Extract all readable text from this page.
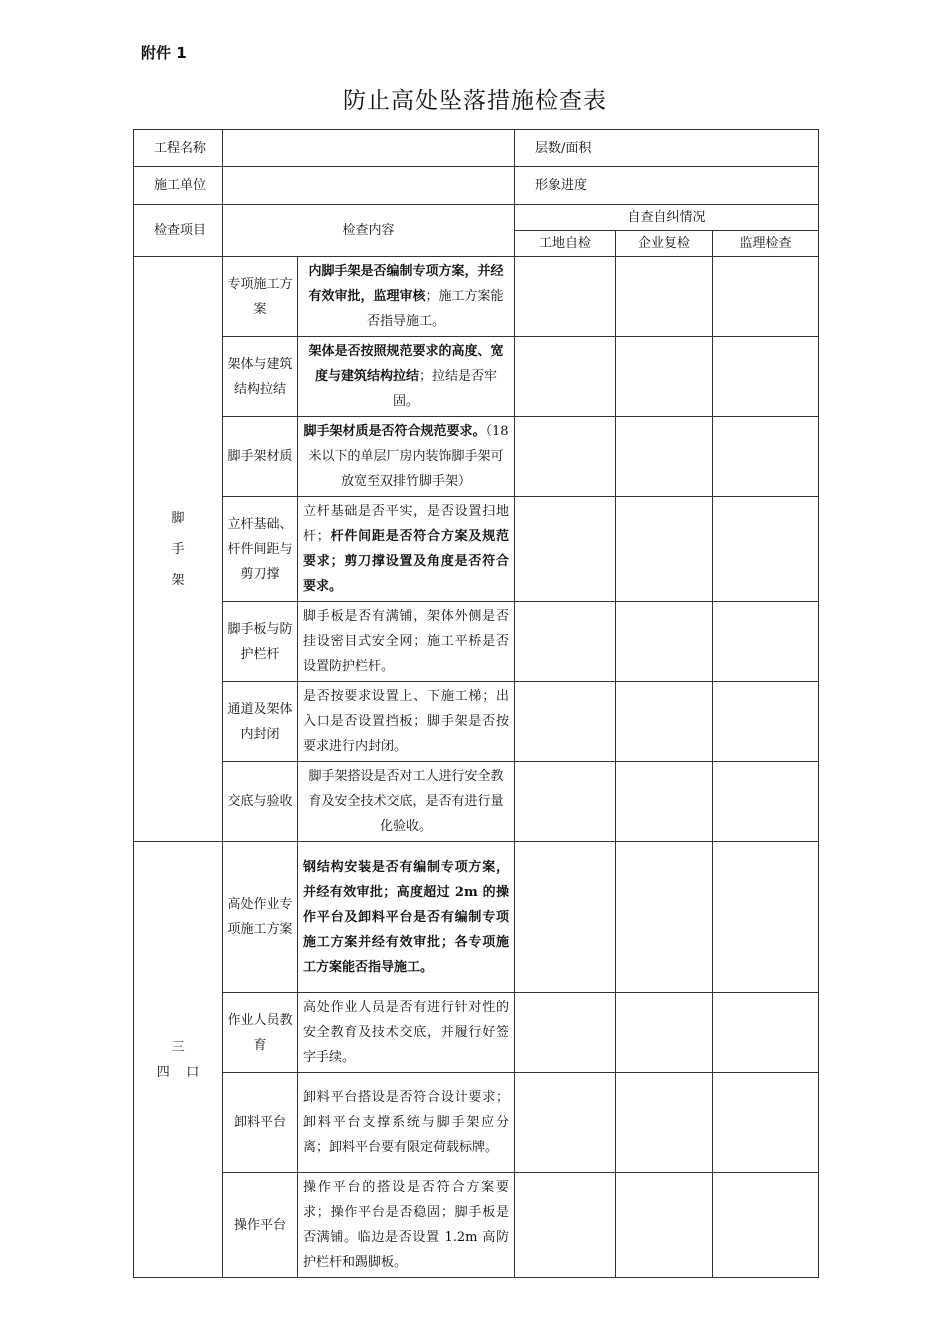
附件 1
防止高处坠落措施检查表
工程名称			层数/面积		
施工单位			形象进度		
检查项目	检查内容		自查自纠情况		
			工地自检	企业复检	监理检查

脚
手
架	专项施工方案	内脚手架是否编制专项方案，并经有效审批，监理审核；施工方案能否指导施工。			
	架体与建筑结构拉结	架体是否按照规范要求的高度、宽度与建筑结构拉结；拉结是否牢固。			
	脚手架材质	脚手架材质是否符合规范要求。（18 米以下的单层厂房内装饰脚手架可放宽至双排竹脚手架）			
	立杆基础、杆件间距与剪刀撑	立杆基础是否平实，是否设置扫地杆；杆件间距是否符合方案及规范要求；剪刀撑设置及角度是否符合要求。			
	脚手板与防护栏杆	脚手板是否有满铺，架体外侧是否挂设密目式安全网；施工平桥是否设置防护栏杆。			
	通道及架体内封闭	是否按要求设置上、下施工梯；出入口是否设置挡板；脚手架是否按要求进行内封闭。			
	交底与验收	脚手架搭设是否对工人进行安全教育及安全技术交底，是否有进行量化验收。			

三
四    口	高处作业专项施工方案	钢结构安装是否有编制专项方案，并经有效审批；高度超过 2m 的操作平台及卸料平台是否有编制专项施工方案并经有效审批；各专项施工方案能否指导施工。			
	作业人员教育	高处作业人员是否有进行针对性的安全教育及技术交底，并履行好签字手续。			
	卸料平台	卸料平台搭设是否符合设计要求；卸料平台支撑系统与脚手架应分离；卸料平台要有限定荷载标牌。			
	操作平台	操作平台的搭设是否符合方案要求；操作平台是否稳固；脚手板是否满铺。临边是否设置 1.2m 高防护栏杆和踢脚板。			
